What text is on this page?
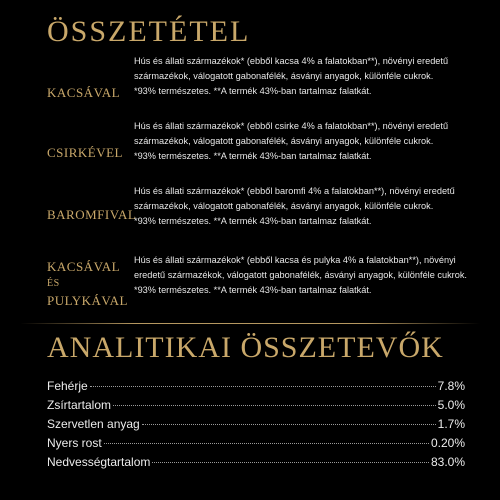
ÖSSZETÉTEL
KACSÁVAL
Hús és állati származékok* (ebből kacsa 4% a falatokban**), növényi eredetű származékok, válogatott gabonafélék, ásványi anyagok, különféle cukrok.
*93% természetes. **A termék 43%-ban tartalmaz falatkát.
CSIRKÉVEL
Hús és állati származékok* (ebből csirke 4% a falatokban**), növényi eredetű származékok, válogatott gabonafélék, ásványi anyagok, különféle cukrok.
*93% természetes. **A termék 43%-ban tartalmaz falatkát.
BAROMFIVAL
Hús és állati származékok* (ebből baromfi 4% a falatokban**), növényi eredetű származékok, válogatott gabonafélék, ásványi anyagok, különféle cukrok.
*93% természetes. **A termék 43%-ban tartalmaz falatkát.
KACSÁVAL
ÉS
PULYKÁVAL
Hús és állati származékok* (ebből kacsa és pulyka 4% a falatokban**), növényi eredetű származékok, válogatott gabonafélék, ásványi anyagok, különféle cukrok.
*93% természetes. **A termék 43%-ban tartalmaz falatkát.
ANALITIKAI ÖSSZETEVŐK
Fehérje	7.8%
Zsírtartalom	5.0%
Szervetlen anyag	1.7%
Nyers rost	0.20%
Nedvességtartalom	83.0%
